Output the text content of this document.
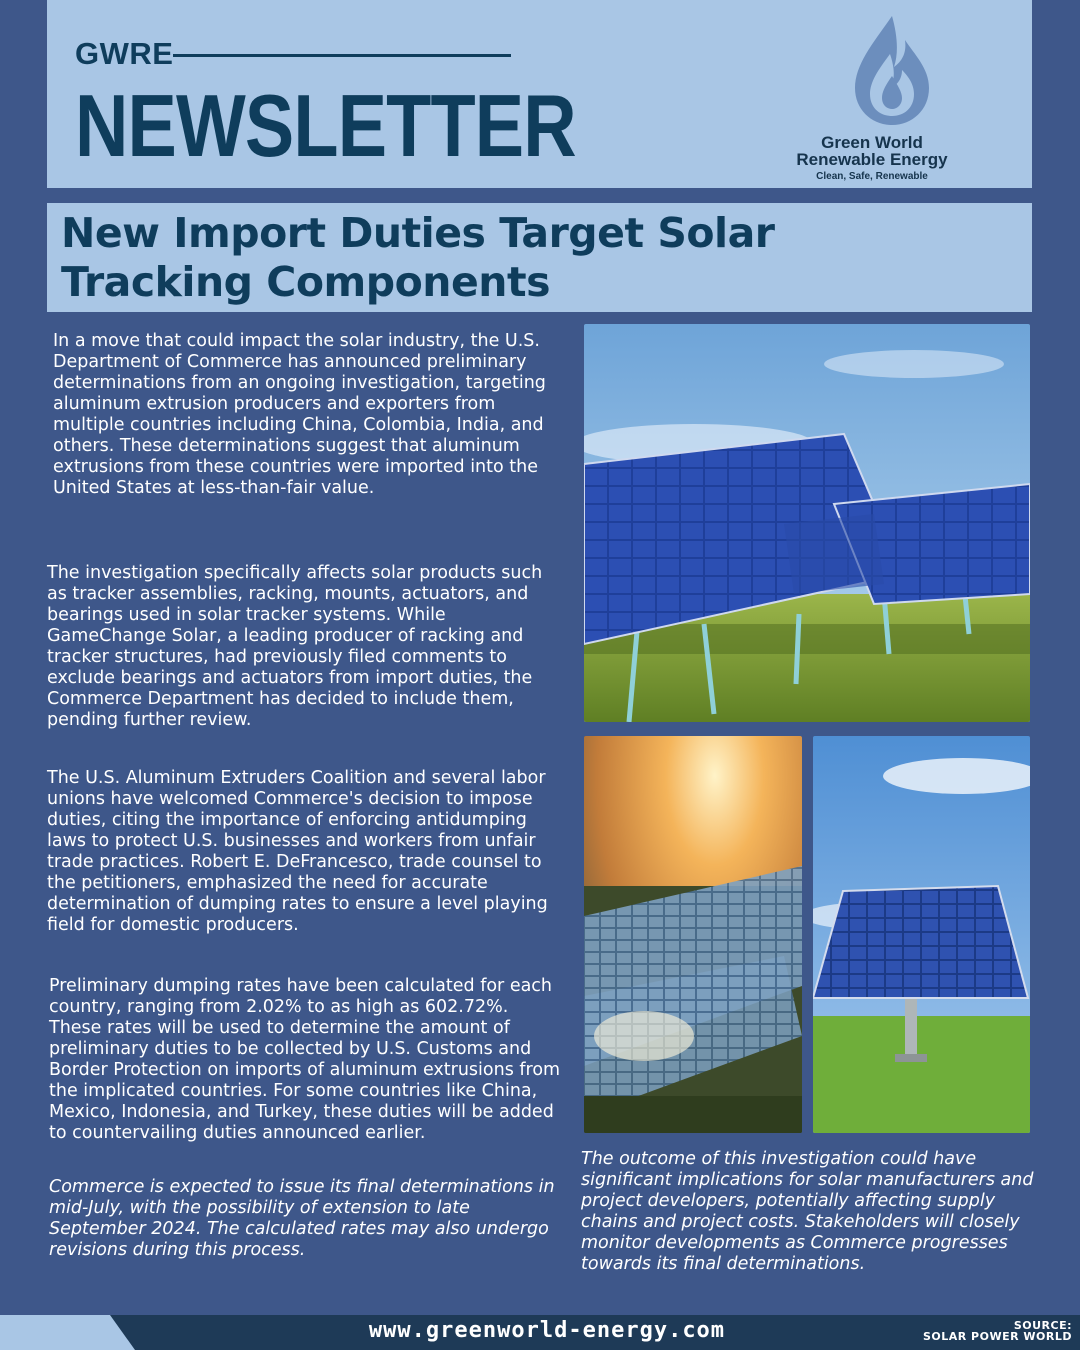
GWRE
NEWSLETTER	Green World
Renewable Energy
Clean, Safe, Renewable
New Import Duties Target Solar Tracking Components

In a move that could impact the solar industry, the U.S. Department of Commerce has announced preliminary determinations from an ongoing investigation, targeting aluminum extrusion producers and exporters from multiple countries including China, Colombia, India, and others. These determinations suggest that aluminum extrusions from these countries were imported into the United States at less-than-fair value.

The investigation specifically affects solar products such as tracker assemblies, racking, mounts, actuators, and bearings used in solar tracker systems. While GameChange Solar, a leading producer of racking and tracker structures, had previously filed comments to exclude bearings and actuators from import duties, the Commerce Department has decided to include them, pending further review.

The U.S. Aluminum Extruders Coalition and several labor unions have welcomed Commerce's decision to impose duties, citing the importance of enforcing antidumping laws to protect U.S. businesses and workers from unfair trade practices. Robert E. DeFrancesco, trade counsel to the petitioners, emphasized the need for accurate determination of dumping rates to ensure a level playing field for domestic producers.

Preliminary dumping rates have been calculated for each country, ranging from 2.02% to as high as 602.72%. These rates will be used to determine the amount of preliminary duties to be collected by U.S. Customs and Border Protection on imports of aluminum extrusions from the implicated countries. For some countries like China, Mexico, Indonesia, and Turkey, these duties will be added to countervailing duties announced earlier.

Commerce is expected to issue its final determinations in mid-July, with the possibility of extension to late September 2024. The calculated rates may also undergo revisions during this process.

The outcome of this investigation could have significant implications for solar manufacturers and project developers, potentially affecting supply chains and project costs. Stakeholders will closely monitor developments as Commerce progresses towards its final determinations.

www.greenworld-energy.com	SOURCE:
SOLAR POWER WORLD
